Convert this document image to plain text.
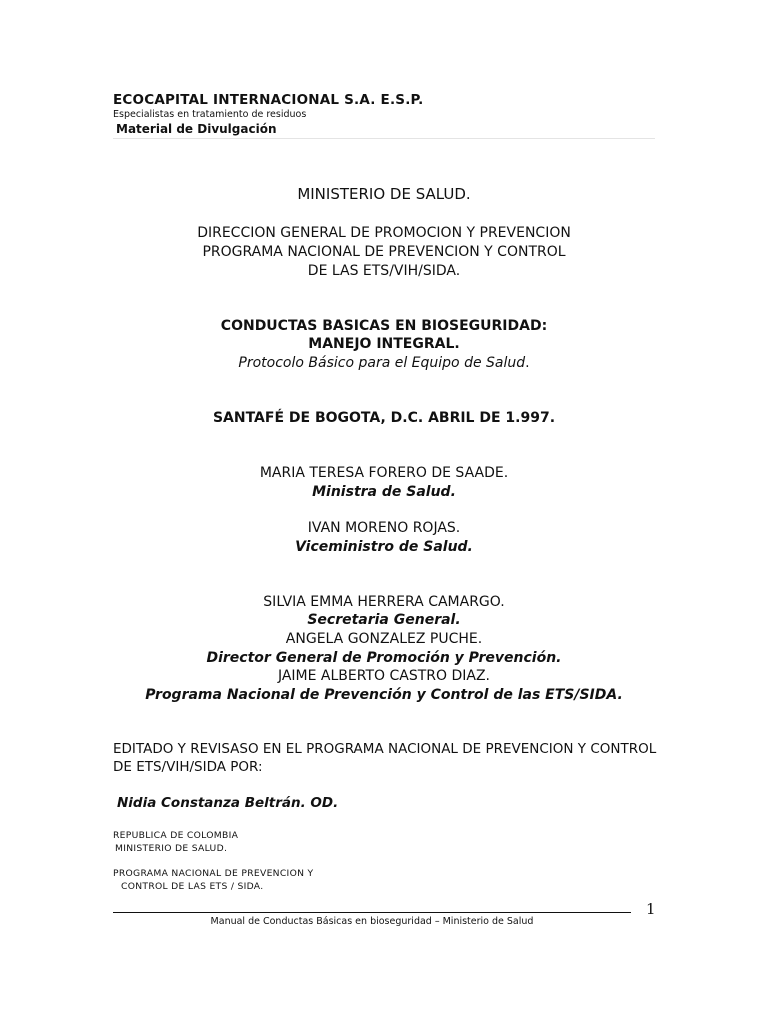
ECOCAPITAL INTERNACIONAL S.A. E.S.P.
Especialistas en tratamiento de residuos
Material de Divulgación
MINISTERIO DE SALUD.
DIRECCION GENERAL DE PROMOCION Y PREVENCION
PROGRAMA NACIONAL DE PREVENCION Y CONTROL
DE LAS ETS/VIH/SIDA.
CONDUCTAS BASICAS EN BIOSEGURIDAD:
MANEJO INTEGRAL.
Protocolo Básico para el Equipo de Salud.
SANTAFÉ DE BOGOTA, D.C. ABRIL DE 1.997.
MARIA TERESA FORERO DE SAADE.
Ministra de Salud.
IVAN MORENO ROJAS.
Viceministro de Salud.
SILVIA EMMA HERRERA CAMARGO.
Secretaria General.
ANGELA GONZALEZ PUCHE.
Director General de Promoción y Prevención.
JAIME ALBERTO CASTRO DIAZ.
Programa Nacional de Prevención y Control de las ETS/SIDA.
EDITADO Y REVISASO EN EL PROGRAMA NACIONAL DE PREVENCION Y CONTROL
DE ETS/VIH/SIDA POR:
Nidia Constanza Beltrán. OD.
REPUBLICA DE COLOMBIA
MINISTERIO DE SALUD.
PROGRAMA NACIONAL DE PREVENCION Y
CONTROL DE LAS ETS / SIDA.
1
Manual de Conductas Básicas en bioseguridad – Ministerio de Salud
